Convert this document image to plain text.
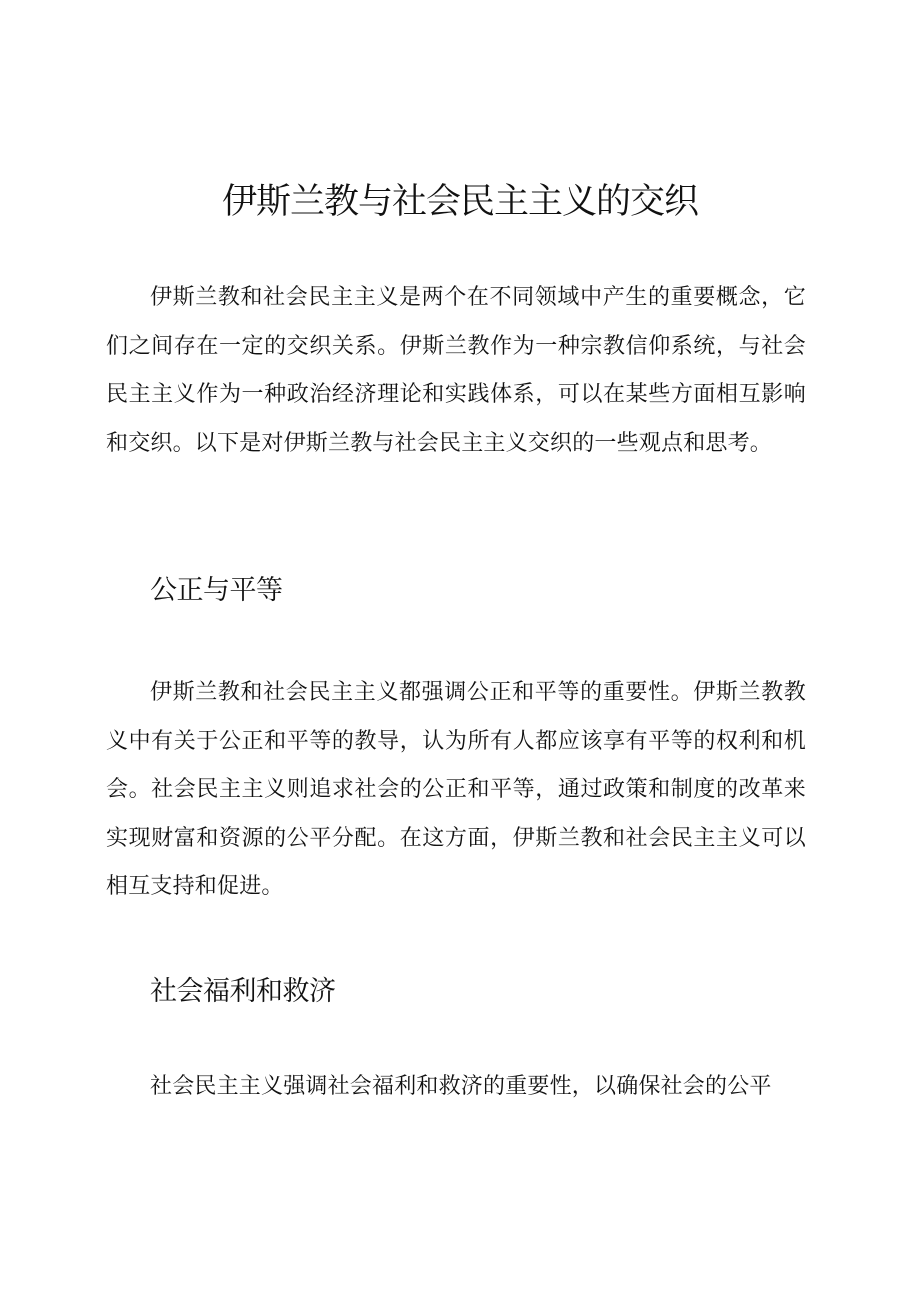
伊斯兰教与社会民主主义的交织

伊斯兰教和社会民主主义是两个在不同领域中产生的重要概念，它们之间存在一定的交织关系。伊斯兰教作为一种宗教信仰系统，与社会民主主义作为一种政治经济理论和实践体系，可以在某些方面相互影响和交织。以下是对伊斯兰教与社会民主主义交织的一些观点和思考。

公正与平等

伊斯兰教和社会民主主义都强调公正和平等的重要性。伊斯兰教教义中有关于公正和平等的教导，认为所有人都应该享有平等的权利和机会。社会民主主义则追求社会的公正和平等，通过政策和制度的改革来实现财富和资源的公平分配。在这方面，伊斯兰教和社会民主主义可以相互支持和促进。

社会福利和救济

社会民主主义强调社会福利和救济的重要性，以确保社会的公平
